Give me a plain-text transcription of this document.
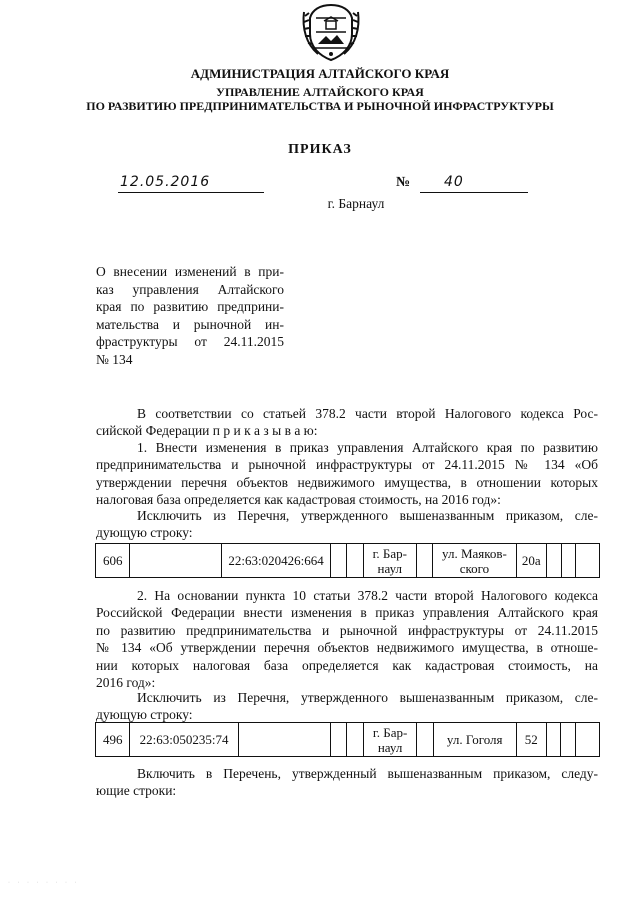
АДМИНИСТРАЦИЯ АЛТАЙСКОГО КРАЯ
УПРАВЛЕНИЕ АЛТАЙСКОГО КРАЯ
ПО РАЗВИТИЮ ПРЕДПРИНИМАТЕЛЬСТВА И РЫНОЧНОЙ ИНФРАСТРУКТУРЫ
ПРИКАЗ
12.05.2016	№ 40
г. Барнаул
О внесении изменений в при-
каз управления Алтайского
края по развитию предприни-
мательства и рыночной ин-
фраструктуры от 24.11.2015
№ 134
В соответствии со статьей 378.2 части второй Налогового кодекса Рос-
сийской Федерации п р и к а з ы в а ю:
1. Внести изменения в приказ управления Алтайского края по развитию
предпринимательства и рыночной инфраструктуры от 24.11.2015 № 134 «Об
утверждении перечня объектов недвижимого имущества, в отношении которых
налоговая база определяется как кадастровая стоимость, на 2016 год»:
Исключить из Перечня, утвержденного вышеназванным приказом, сле-
дующую строку:
606		22:63:020426:664			г. Бар-наул		ул. Маяков-ского	20а			
2. На основании пункта 10 статьи 378.2 части второй Налогового кодекса
Российской Федерации внести изменения в приказ управления Алтайского края
по развитию предпринимательства и рыночной инфраструктуры от 24.11.2015
№ 134 «Об утверждении перечня объектов недвижимого имущества, в отноше-
нии которых налоговая база определяется как кадастровая стоимость, на
2016 год»:
Исключить из Перечня, утвержденного вышеназванным приказом, сле-
дующую строку:
496	22:63:050235:74				г. Бар-наул		ул. Гоголя	52			
Включить в Перечень, утвержденный вышеназванным приказом, следу-
ющие строки:
· · · · · · · ·
